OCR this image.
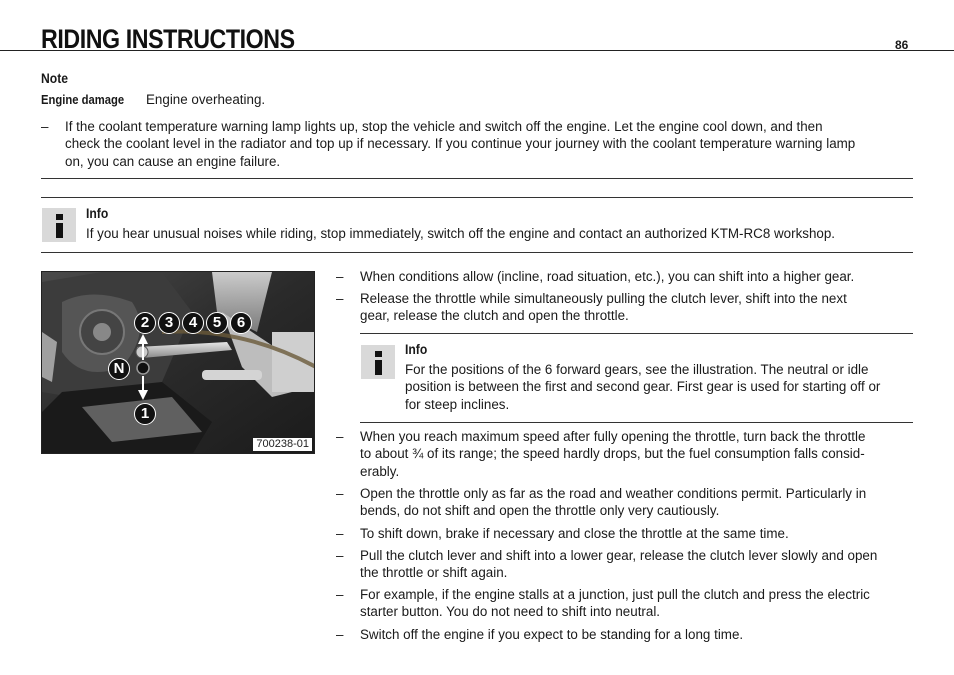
RIDING INSTRUCTIONS	86
Note
Engine damage Engine overheating.
– If the coolant temperature warning lamp lights up, stop the vehicle and switch off the engine. Let the engine cool down, and then
check the coolant level in the radiator and top up if necessary. If you continue your journey with the coolant temperature warning lamp
on, you can cause an engine failure.
Info
If you hear unusual noises while riding, stop immediately, switch off the engine and contact an authorized KTM-RC8 workshop.
2	3	4	5	6
N
1
700238-01
– When conditions allow (incline, road situation, etc.), you can shift into a higher gear.
– Release the throttle while simultaneously pulling the clutch lever, shift into the next
gear, release the clutch and open the throttle.
Info
For the positions of the 6 forward gears, see the illustration. The neutral or idle
position is between the first and second gear. First gear is used for starting off or
for steep inclines.
– When you reach maximum speed after fully opening the throttle, turn back the throttle
to about ¾ of its range; the speed hardly drops, but the fuel consumption falls consid-
erably.
– Open the throttle only as far as the road and weather conditions permit. Particularly in
bends, do not shift and open the throttle only very cautiously.
– To shift down, brake if necessary and close the throttle at the same time.
– Pull the clutch lever and shift into a lower gear, release the clutch lever slowly and open
the throttle or shift again.
– For example, if the engine stalls at a junction, just pull the clutch and press the electric
starter button. You do not need to shift into neutral.
– Switch off the engine if you expect to be standing for a long time.
